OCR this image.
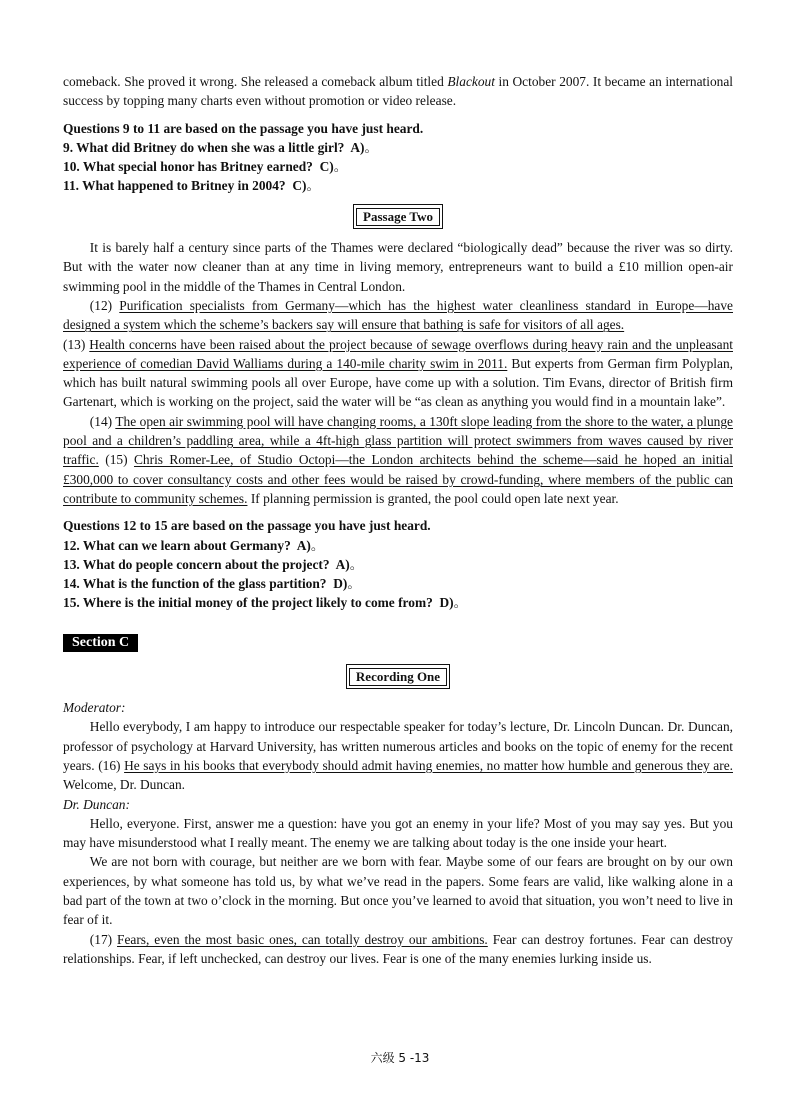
comeback. She proved it wrong. She released a comeback album titled Blackout in October 2007. It became an international success by topping many charts even without promotion or video release.

Questions 9 to 11 are based on the passage you have just heard.

9. What did Britney do when she was a little girl? A)。

10. What special honor has Britney earned? C)。

11. What happened to Britney in 2004? C)。

Passage Two

It is barely half a century since parts of the Thames were declared “biologically dead” because the river was so dirty. But with the water now cleaner than at any time in living memory, entrepreneurs want to build a £10 million open-air swimming pool in the middle of the Thames in Central London.

(12) Purification specialists from Germany—which has the highest water cleanliness standard in Europe—have designed a system which the scheme’s backers say will ensure that bathing is safe for visitors of all ages.

(13) Health concerns have been raised about the project because of sewage overflows during heavy rain and the unpleasant experience of comedian David Walliams during a 140-mile charity swim in 2011. But experts from German firm Polyplan, which has built natural swimming pools all over Europe, have come up with a solution. Tim Evans, director of British firm Gartenart, which is working on the project, said the water will be “as clean as anything you would find in a mountain lake”.

(14) The open air swimming pool will have changing rooms, a 130ft slope leading from the shore to the water, a plunge pool and a children’s paddling area, while a 4ft-high glass partition will protect swimmers from waves caused by river traffic. (15) Chris Romer-Lee, of Studio Octopi—the London architects behind the scheme—said he hoped an initial £300,000 to cover consultancy costs and other fees would be raised by crowd-funding, where members of the public can contribute to community schemes. If planning permission is granted, the pool could open late next year.

Questions 12 to 15 are based on the passage you have just heard.

12. What can we learn about Germany? A)。

13. What do people concern about the project? A)。

14. What is the function of the glass partition? D)。

15. Where is the initial money of the project likely to come from? D)。

Section C
Recording One

Moderator:

Hello everybody, I am happy to introduce our respectable speaker for today’s lecture, Dr. Lincoln Duncan. Dr. Duncan, professor of psychology at Harvard University, has written numerous articles and books on the topic of enemy for the recent years. (16) He says in his books that everybody should admit having enemies, no matter how humble and generous they are. Welcome, Dr. Duncan.

Dr. Duncan:

Hello, everyone. First, answer me a question: have you got an enemy in your life? Most of you may say yes. But you may have misunderstood what I really meant. The enemy we are talking about today is the one inside your heart.

We are not born with courage, but neither are we born with fear. Maybe some of our fears are brought on by our own experiences, by what someone has told us, by what we’ve read in the papers. Some fears are valid, like walking alone in a bad part of the town at two o’clock in the morning. But once you’ve learned to avoid that situation, you won’t need to live in fear of it.

(17) Fears, even the most basic ones, can totally destroy our ambitions. Fear can destroy fortunes. Fear can destroy relationships. Fear, if left unchecked, can destroy our lives. Fear is one of the many enemies lurking inside us.

六级 5 -13
